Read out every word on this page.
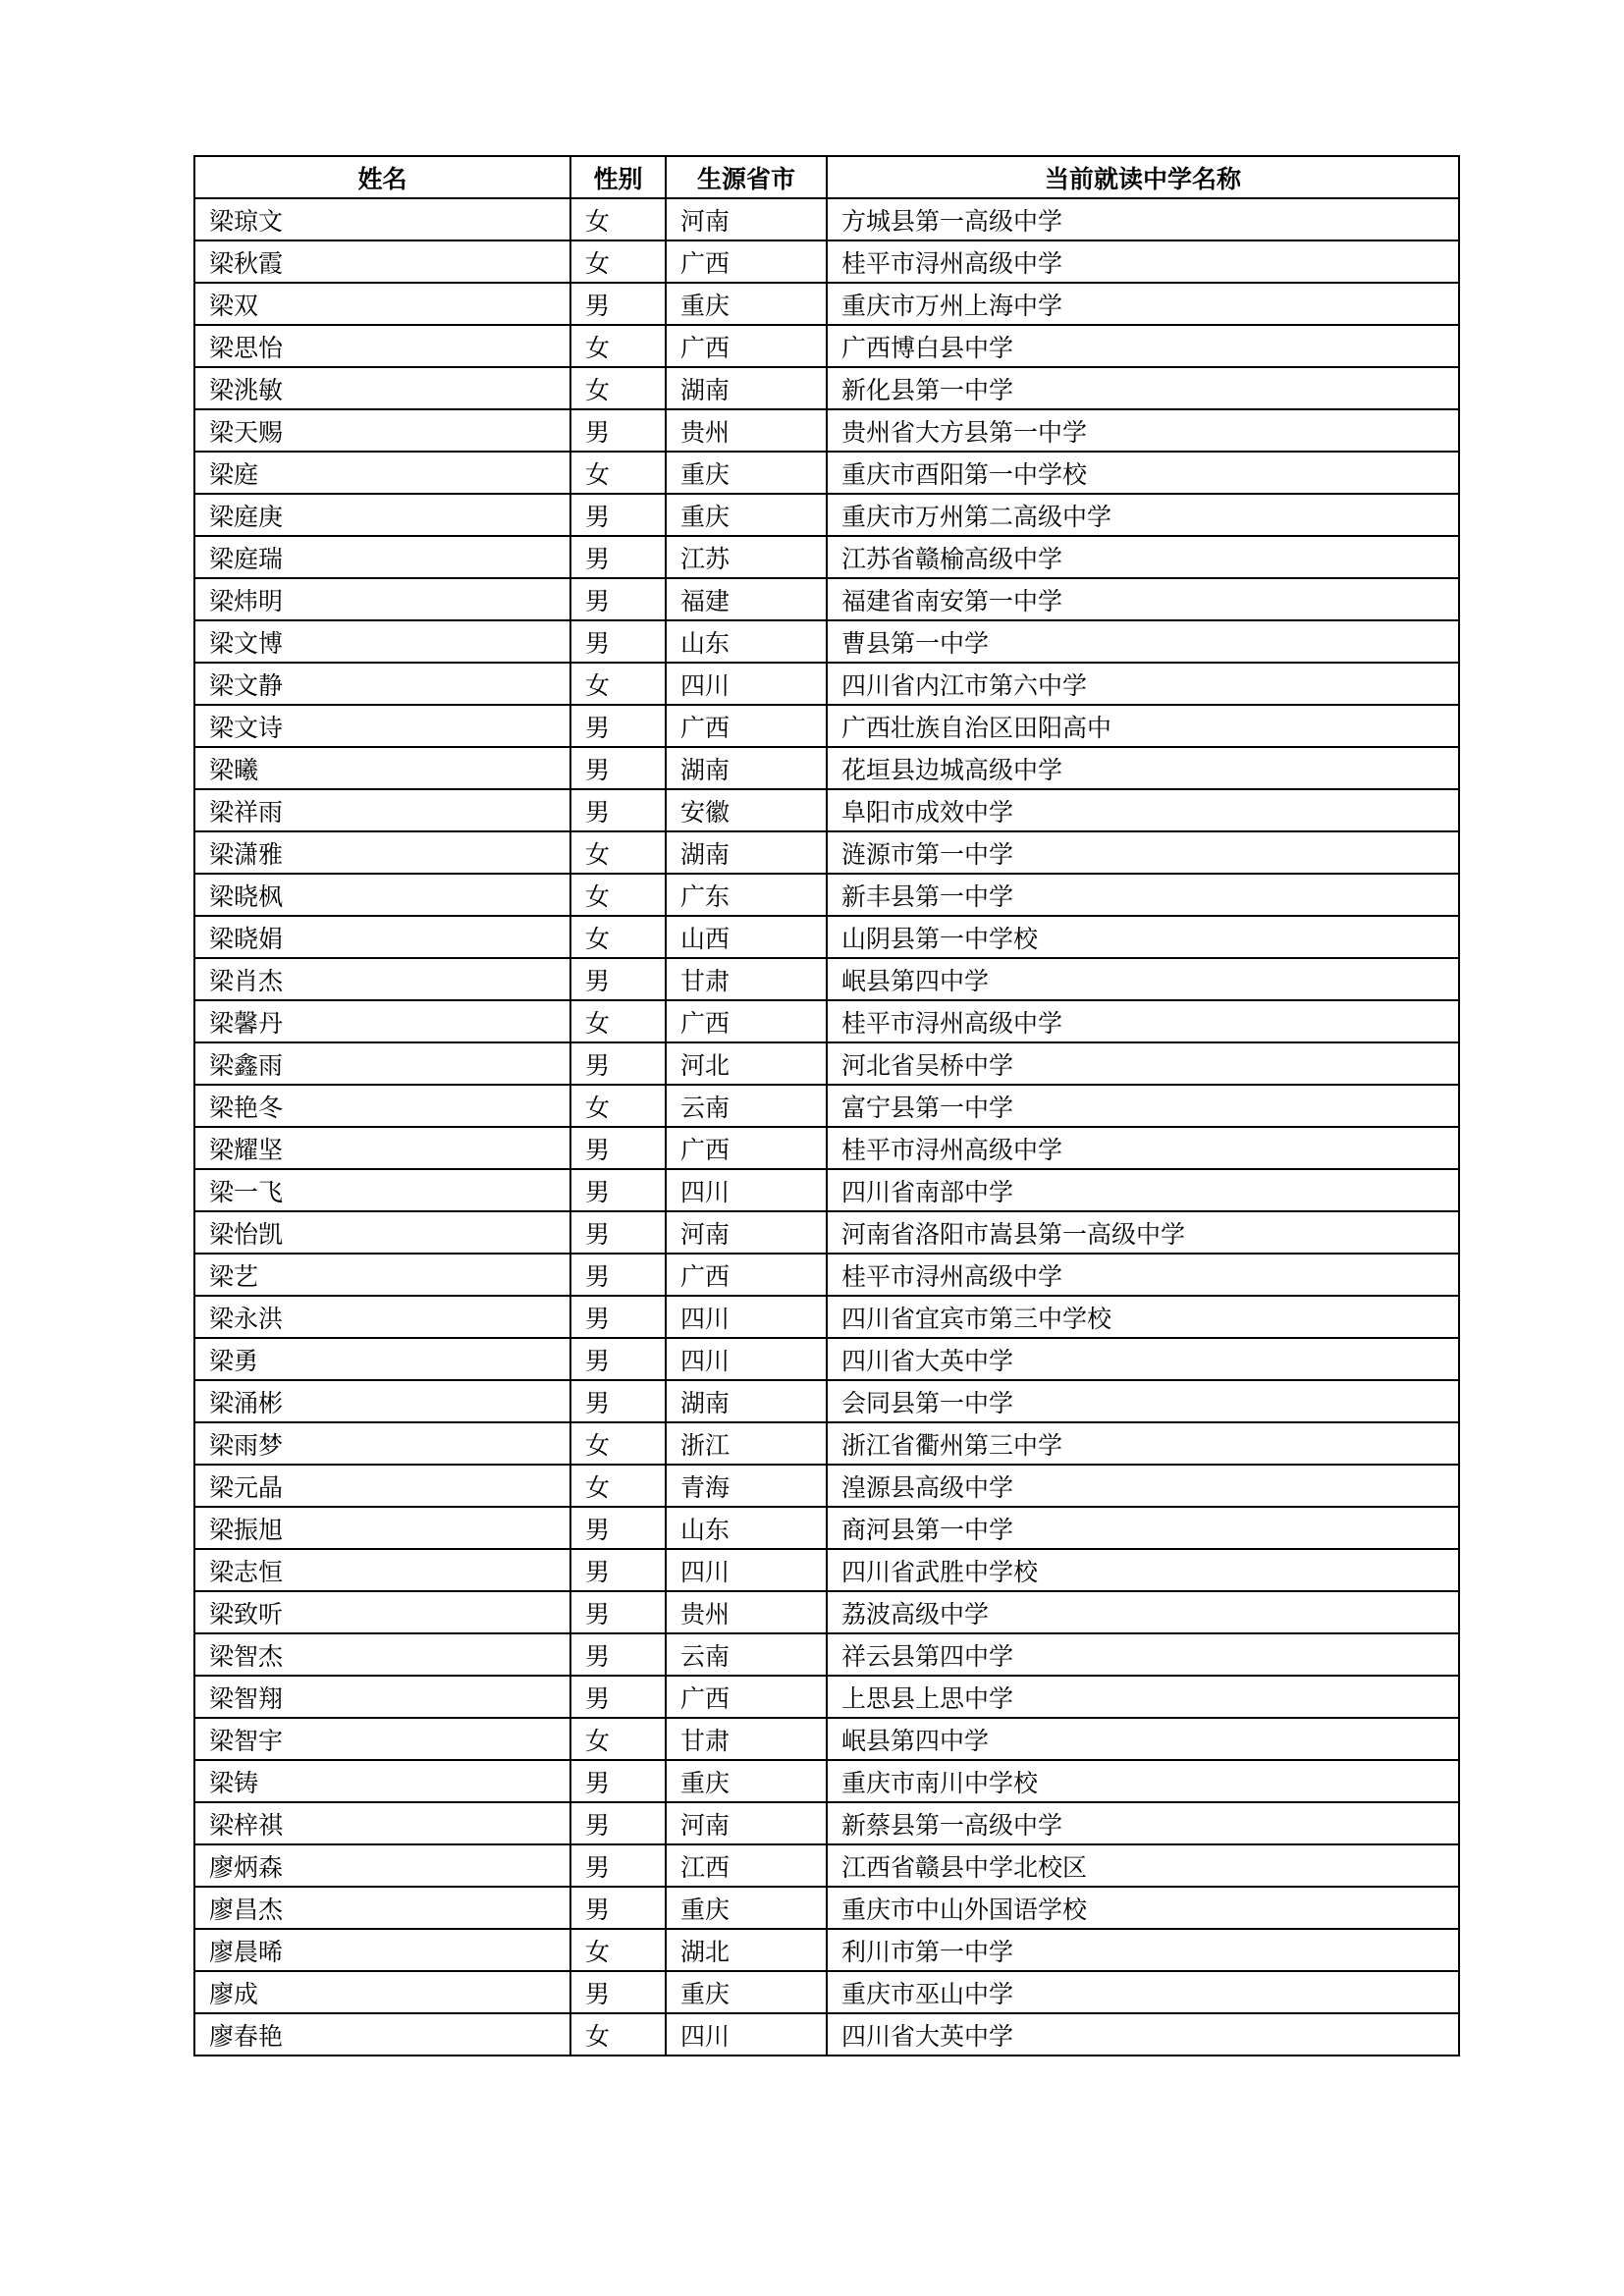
姓名	性别	生源省市	当前就读中学名称
梁琼文	女	河南	方城县第一高级中学
梁秋霞	女	广西	桂平市浔州高级中学
梁双	男	重庆	重庆市万州上海中学
梁思怡	女	广西	广西博白县中学
梁洮敏	女	湖南	新化县第一中学
梁天赐	男	贵州	贵州省大方县第一中学
梁庭	女	重庆	重庆市酉阳第一中学校
梁庭庚	男	重庆	重庆市万州第二高级中学
梁庭瑞	男	江苏	江苏省赣榆高级中学
梁炜明	男	福建	福建省南安第一中学
梁文博	男	山东	曹县第一中学
梁文静	女	四川	四川省内江市第六中学
梁文诗	男	广西	广西壮族自治区田阳高中
梁曦	男	湖南	花垣县边城高级中学
梁祥雨	男	安徽	阜阳市成效中学
梁潇雅	女	湖南	涟源市第一中学
梁晓枫	女	广东	新丰县第一中学
梁晓娟	女	山西	山阴县第一中学校
梁肖杰	男	甘肃	岷县第四中学
梁馨丹	女	广西	桂平市浔州高级中学
梁鑫雨	男	河北	河北省吴桥中学
梁艳冬	女	云南	富宁县第一中学
梁耀坚	男	广西	桂平市浔州高级中学
梁一飞	男	四川	四川省南部中学
梁怡凯	男	河南	河南省洛阳市嵩县第一高级中学
梁艺	男	广西	桂平市浔州高级中学
梁永洪	男	四川	四川省宜宾市第三中学校
梁勇	男	四川	四川省大英中学
梁涌彬	男	湖南	会同县第一中学
梁雨梦	女	浙江	浙江省衢州第三中学
梁元晶	女	青海	湟源县高级中学
梁振旭	男	山东	商河县第一中学
梁志恒	男	四川	四川省武胜中学校
梁致听	男	贵州	荔波高级中学
梁智杰	男	云南	祥云县第四中学
梁智翔	男	广西	上思县上思中学
梁智宇	女	甘肃	岷县第四中学
梁铸	男	重庆	重庆市南川中学校
梁梓祺	男	河南	新蔡县第一高级中学
廖炳森	男	江西	江西省赣县中学北校区
廖昌杰	男	重庆	重庆市中山外国语学校
廖晨晞	女	湖北	利川市第一中学
廖成	男	重庆	重庆市巫山中学
廖春艳	女	四川	四川省大英中学
